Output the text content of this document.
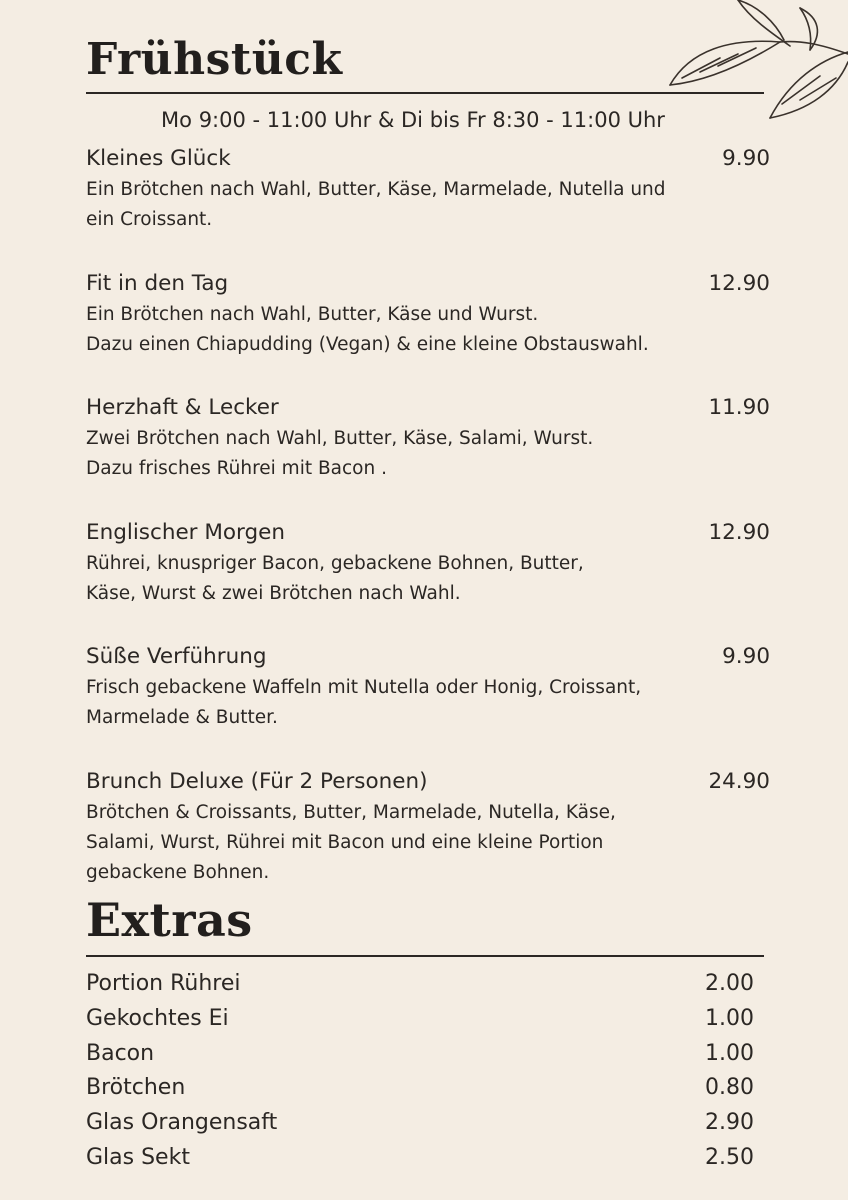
Frühstück
Mo 9:00 - 11:00 Uhr & Di bis Fr 8:30 - 11:00 Uhr
Kleines Glück	9.90
Ein Brötchen nach Wahl, Butter, Käse, Marmelade, Nutella und
ein Croissant.
Fit in den Tag	12.90
Ein Brötchen nach Wahl, Butter, Käse und Wurst.
Dazu einen Chiapudding (Vegan) & eine kleine Obstauswahl.
Herzhaft & Lecker	11.90
Zwei Brötchen nach Wahl, Butter, Käse, Salami, Wurst.
Dazu frisches Rührei mit Bacon .
Englischer Morgen	12.90
Rührei, knuspriger Bacon, gebackene Bohnen, Butter,
Käse, Wurst & zwei Brötchen nach Wahl.
Süße Verführung	9.90
Frisch gebackene Waffeln mit Nutella oder Honig, Croissant,
Marmelade & Butter.
Brunch Deluxe (Für 2 Personen)	24.90
Brötchen & Croissants, Butter, Marmelade, Nutella, Käse,
Salami, Wurst, Rührei mit Bacon und eine kleine Portion
gebackene Bohnen.
Extras
Portion Rührei	2.00
Gekochtes Ei	1.00
Bacon	1.00
Brötchen	0.80
Glas Orangensaft	2.90
Glas Sekt	2.50
